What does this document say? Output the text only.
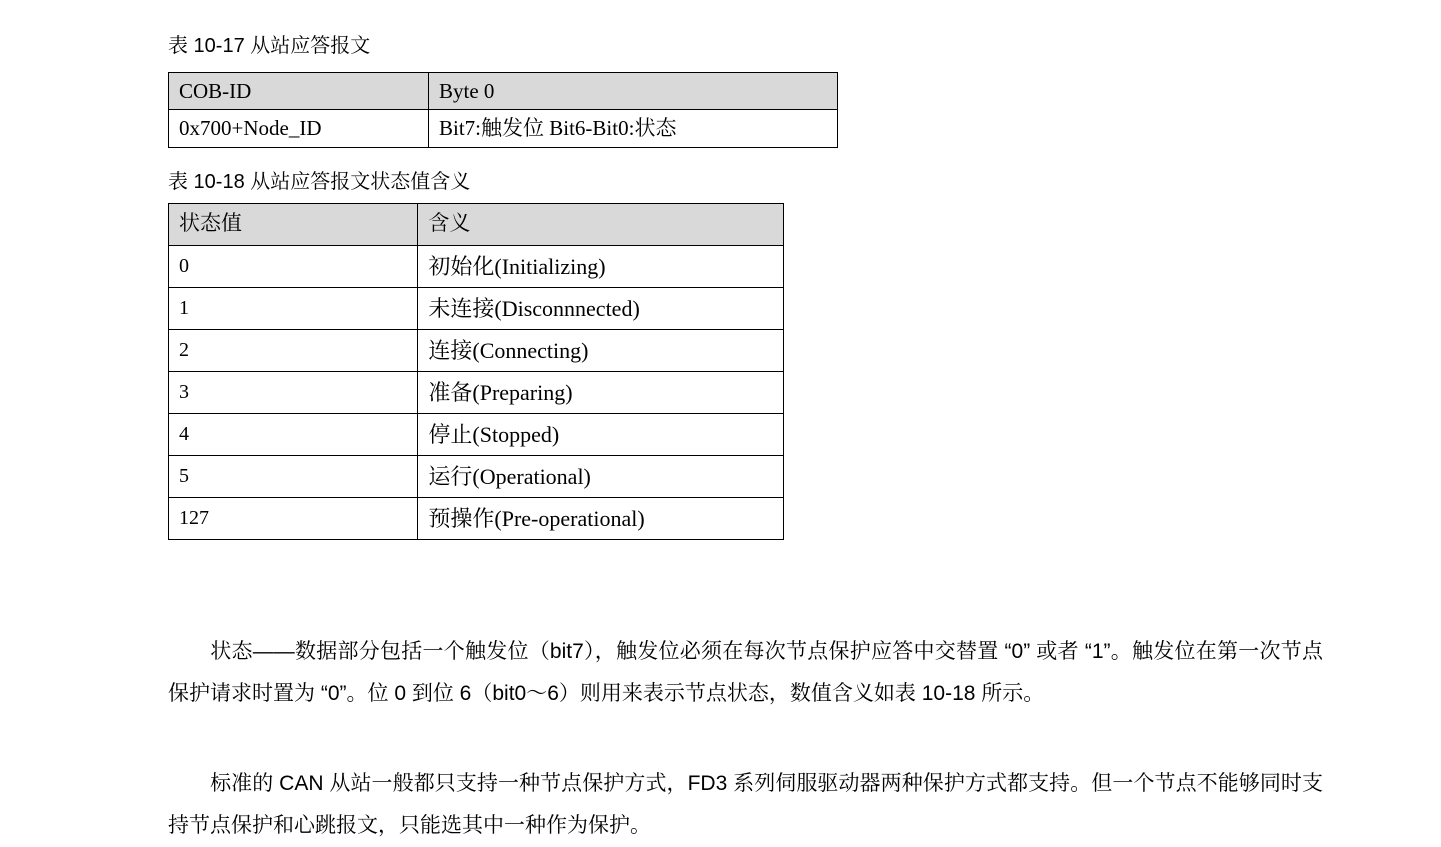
表 10-17 从站应答报文
COB-ID	Byte 0

0x700+Node_ID	Bit7:触发位 Bit6-Bit0:状态
表 10-18 从站应答报文状态值含义
状态值	含义

0	初始化(Initializing)

1	未连接(Disconnnected)

2	连接(Connecting)

3	准备(Preparing)

4	停止(Stopped)

5	运行(Operational)

127	预操作(Pre-operational)

状态——数据部分包括一个触发位（bit7），触发位必须在每次节点保护应答中交替置 “0” 或者 “1”。触发位在第一次节点保护请求时置为 “0”。位 0 到位 6（bit0～6）则用来表示节点状态，数值含义如表 10-18 所示。

标准的 CAN 从站一般都只支持一种节点保护方式，FD3 系列伺服驱动器两种保护方式都支持。但一个节点不能够同时支持节点保护和心跳报文，只能选其中一种作为保护。
